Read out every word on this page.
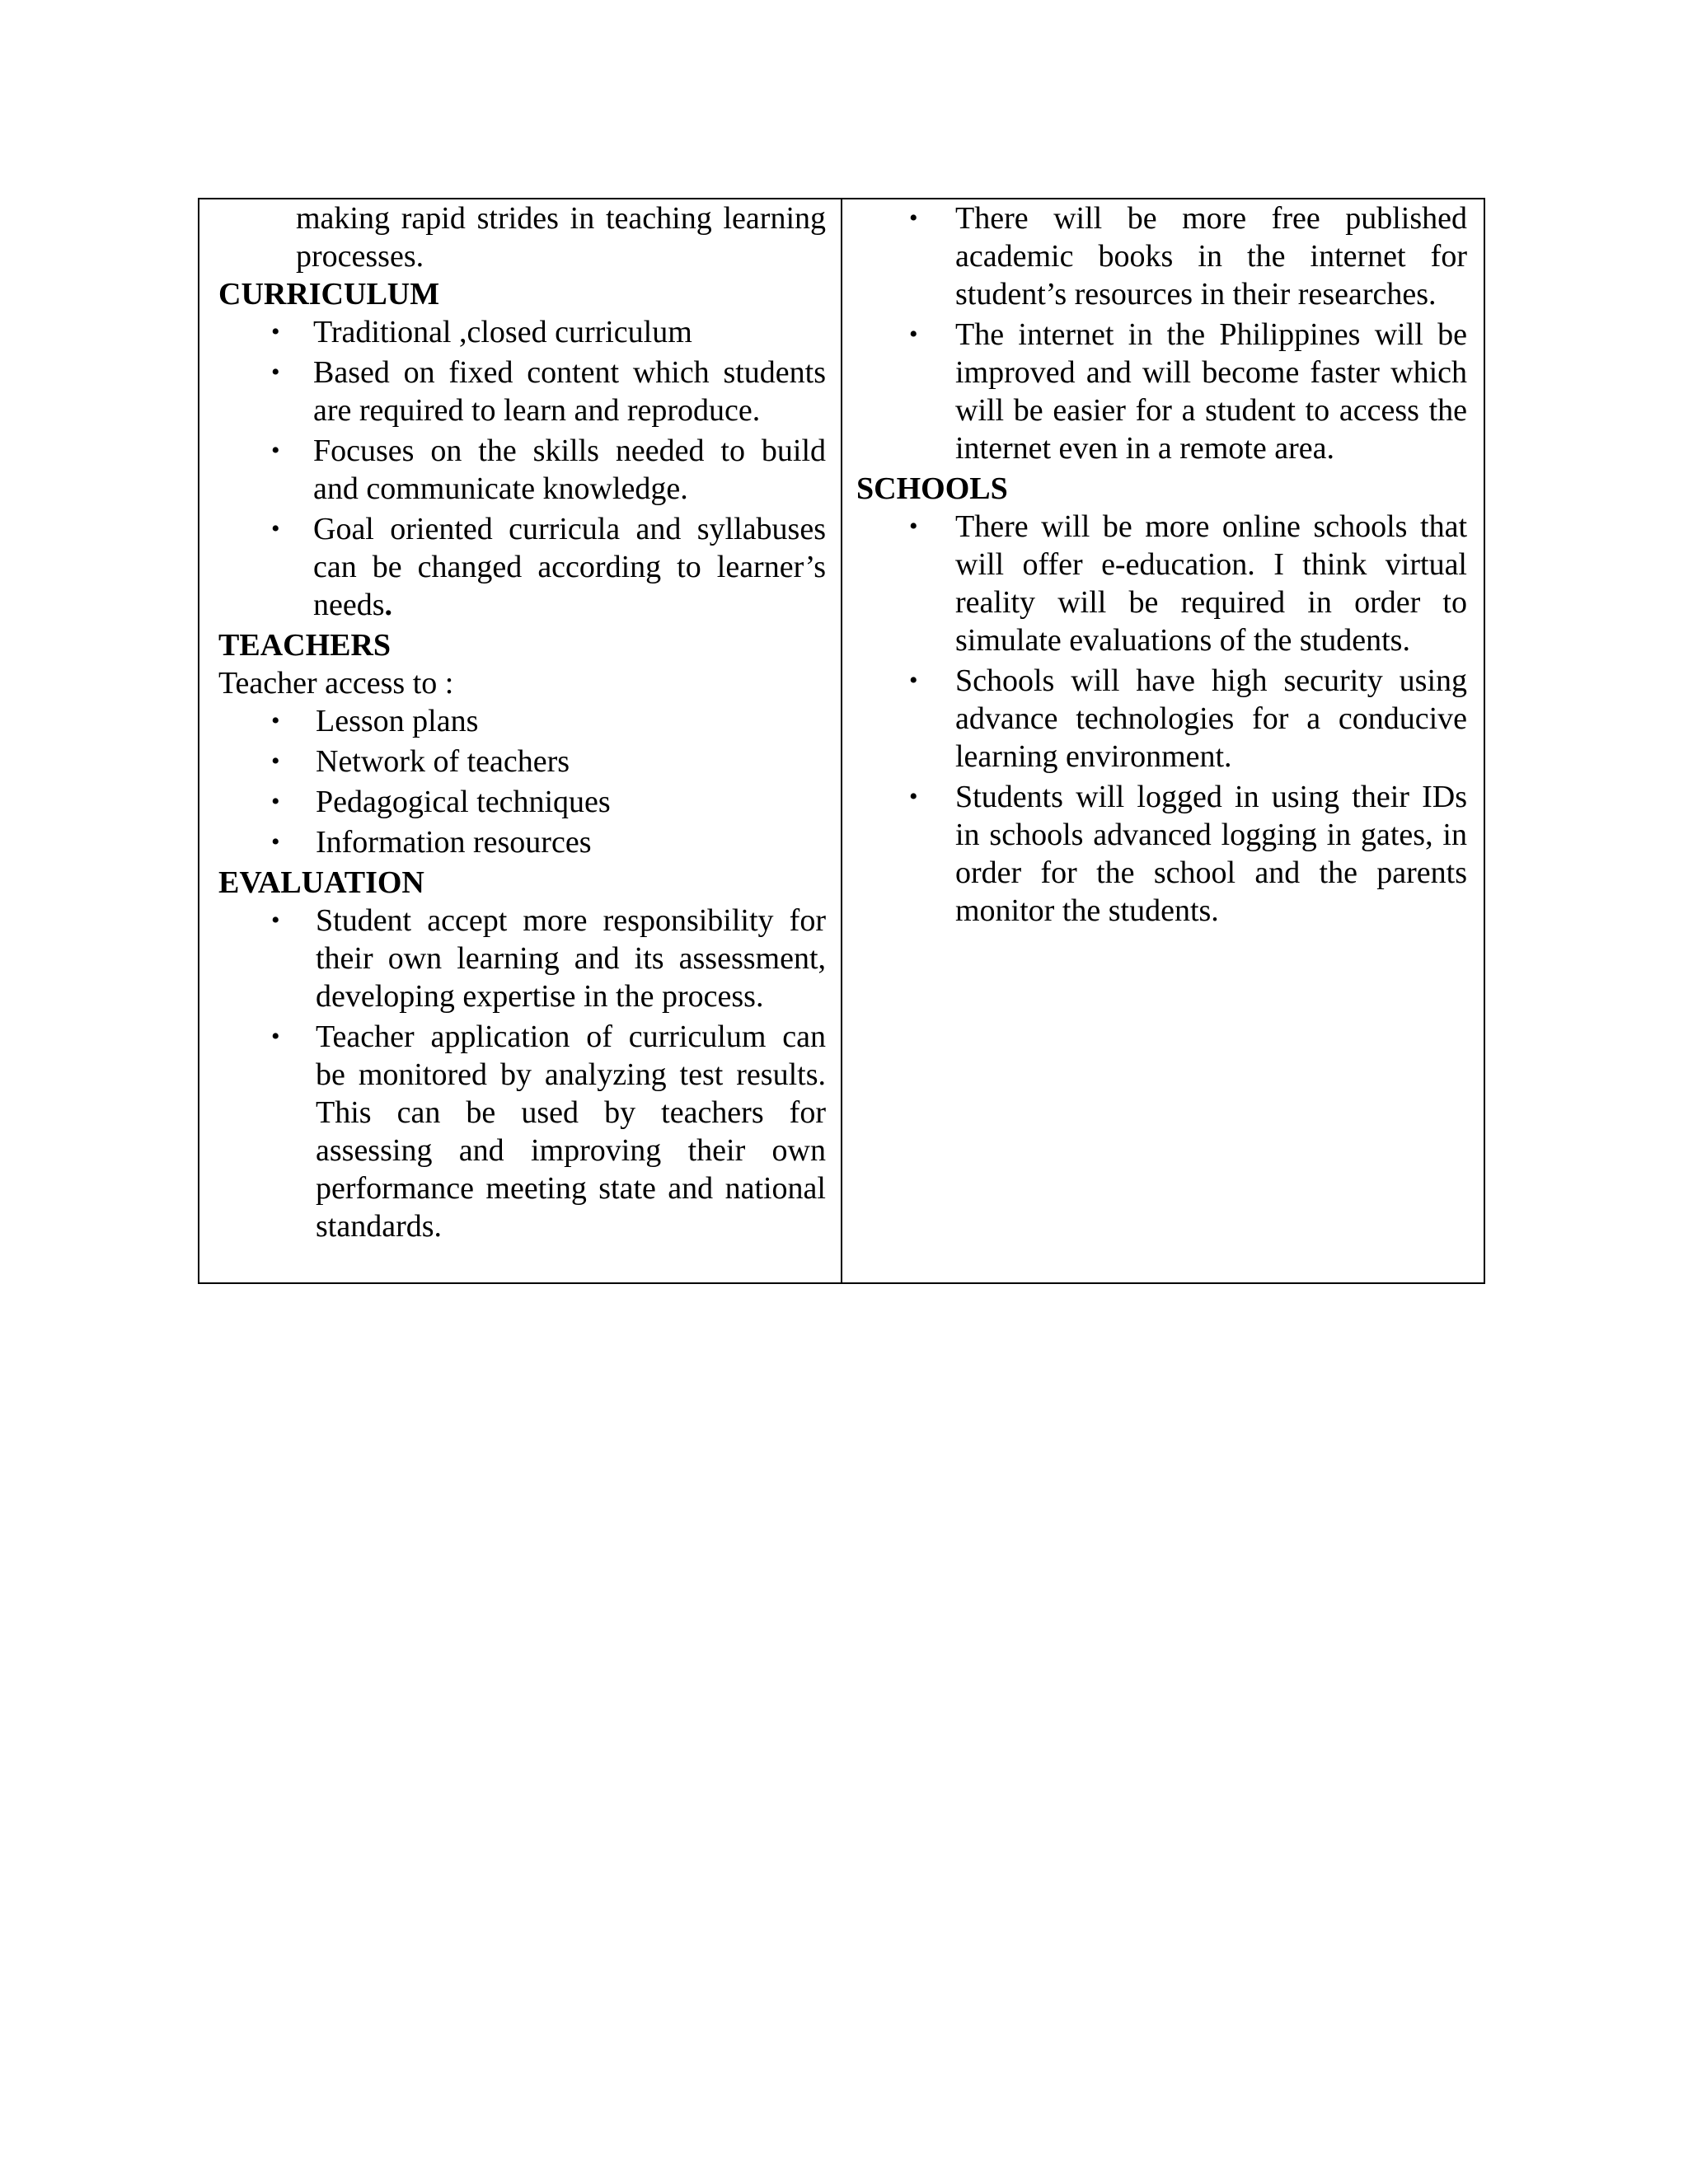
making rapid strides in teaching learning processes.

CURRICULUM

• Traditional ,closed curriculum
• Based on fixed content which students are required to learn and reproduce.
• Focuses on the skills needed to build and communicate knowledge.
• Goal oriented curricula and syllabuses can be changed according to learner’s needs.

TEACHERS

Teacher access to :

• Lesson plans
• Network of teachers
• Pedagogical techniques
• Information resources

EVALUATION

• Student accept more responsibility for their own learning and its assessment, developing expertise in the process.
• Teacher application of curriculum can be monitored by analyzing test results. This can be used by teachers for assessing and improving their own performance meeting state and national standards.
• There will be more free published academic books in the internet for student’s resources in their researches.
• The internet in the Philippines will be improved and will become faster which will be easier for a student to access the internet even in a remote area.

SCHOOLS

• There will be more online schools that will offer e-education. I think virtual reality will be required in order to simulate evaluations of the students.
• Schools will have high security using advance technologies for a conducive learning environment.
• Students will logged in using their IDs in schools advanced logging in gates, in order for the school and the parents monitor the students.
